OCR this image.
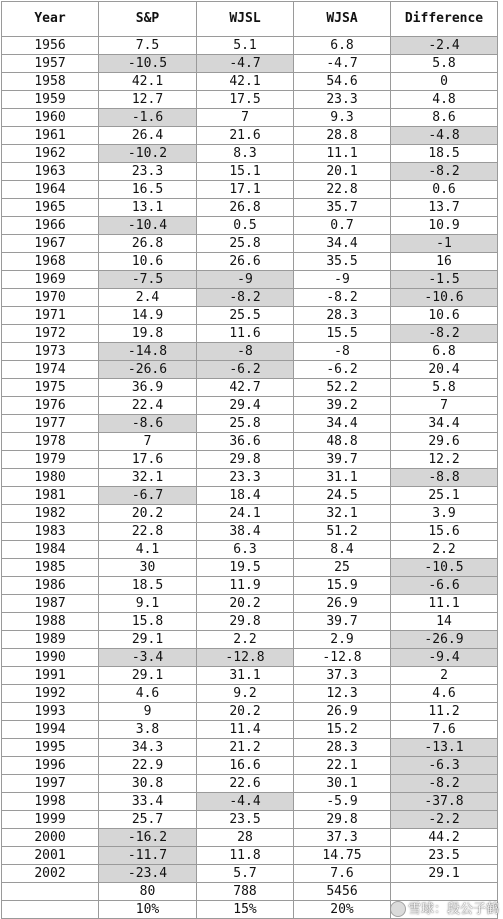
Year	S&P	WJSL	WJSA	Difference
1956	7.5	5.1	6.8	-2.4
1957	-10.5	-4.7	-4.7	5.8
1958	42.1	42.1	54.6	0
1959	12.7	17.5	23.3	4.8
1960	-1.6	7	9.3	8.6
1961	26.4	21.6	28.8	-4.8
1962	-10.2	8.3	11.1	18.5
1963	23.3	15.1	20.1	-8.2
1964	16.5	17.1	22.8	0.6
1965	13.1	26.8	35.7	13.7
1966	-10.4	0.5	0.7	10.9
1967	26.8	25.8	34.4	-1
1968	10.6	26.6	35.5	16
1969	-7.5	-9	-9	-1.5
1970	2.4	-8.2	-8.2	-10.6
1971	14.9	25.5	28.3	10.6
1972	19.8	11.6	15.5	-8.2
1973	-14.8	-8	-8	6.8
1974	-26.6	-6.2	-6.2	20.4
1975	36.9	42.7	52.2	5.8
1976	22.4	29.4	39.2	7
1977	-8.6	25.8	34.4	34.4
1978	7	36.6	48.8	29.6
1979	17.6	29.8	39.7	12.2
1980	32.1	23.3	31.1	-8.8
1981	-6.7	18.4	24.5	25.1
1982	20.2	24.1	32.1	3.9
1983	22.8	38.4	51.2	15.6
1984	4.1	6.3	8.4	2.2
1985	30	19.5	25	-10.5
1986	18.5	11.9	15.9	-6.6
1987	9.1	20.2	26.9	11.1
1988	15.8	29.8	39.7	14
1989	29.1	2.2	2.9	-26.9
1990	-3.4	-12.8	-12.8	-9.4
1991	29.1	31.1	37.3	2
1992	4.6	9.2	12.3	4.6
1993	9	20.2	26.9	11.2
1994	3.8	11.4	15.2	7.6
1995	34.3	21.2	28.3	-13.1
1996	22.9	16.6	22.1	-6.3
1997	30.8	22.6	30.1	-8.2
1998	33.4	-4.4	-5.9	-37.8
1999	25.7	23.5	29.8	-2.2
2000	-16.2	28	37.3	44.2
2001	-11.7	11.8	14.75	23.5
2002	-23.4	5.7	7.6	29.1
	80	788	5456	
	10%	15%	20%		雪球：段公子鹤
